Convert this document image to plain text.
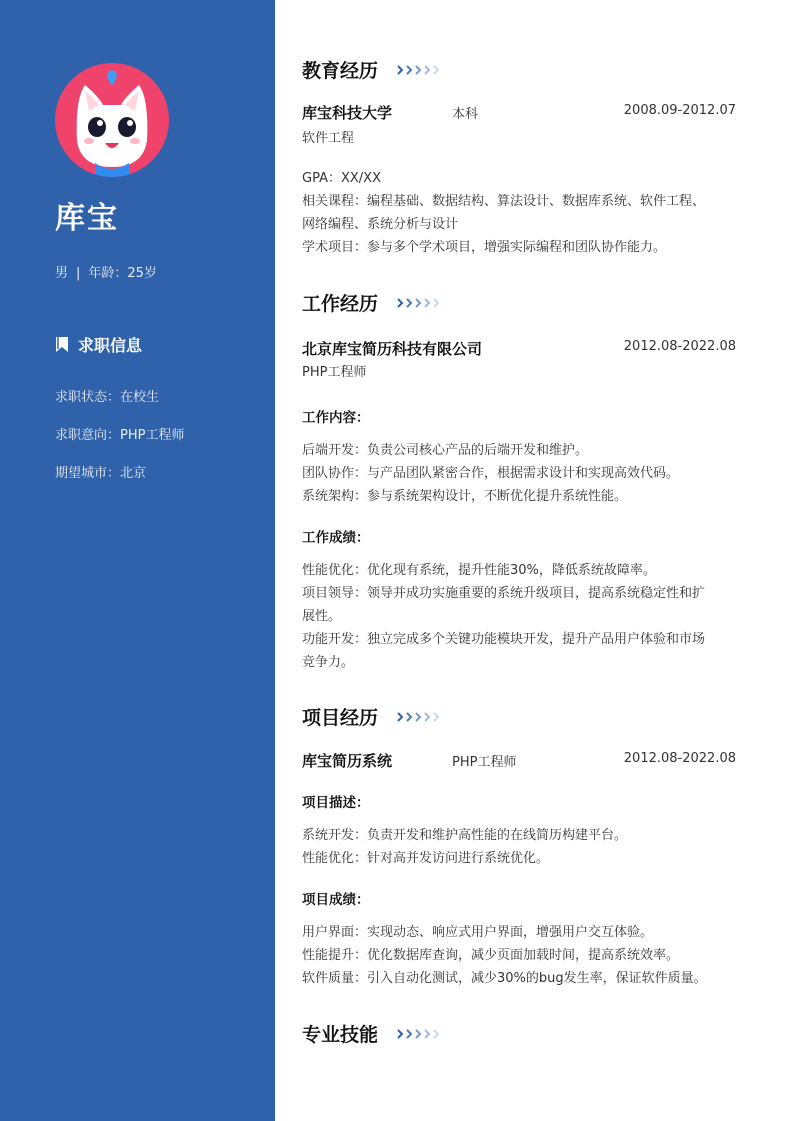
库宝
男 | 年龄：25岁
求职信息
求职状态：在校生
求职意向：PHP工程师
期望城市：北京
教育经历
库宝科技大学	本科	2008.09-2012.07
软件工程
GPA：XX/XX
相关课程：编程基础、数据结构、算法设计、数据库系统、软件工程、
网络编程、系统分析与设计
学术项目：参与多个学术项目，增强实际编程和团队协作能力。
工作经历
北京库宝简历科技有限公司	2012.08-2022.08
PHP工程师
工作内容：
后端开发：负责公司核心产品的后端开发和维护。
团队协作：与产品团队紧密合作，根据需求设计和实现高效代码。
系统架构：参与系统架构设计，不断优化提升系统性能。
工作成绩：
性能优化：优化现有系统，提升性能30%，降低系统故障率。
项目领导：领导并成功实施重要的系统升级项目，提高系统稳定性和扩
展性。
功能开发：独立完成多个关键功能模块开发，提升产品用户体验和市场
竞争力。
项目经历
库宝简历系统	PHP工程师	2012.08-2022.08
项目描述：
系统开发：负责开发和维护高性能的在线简历构建平台。
性能优化：针对高并发访问进行系统优化。
项目成绩：
用户界面：实现动态、响应式用户界面，增强用户交互体验。
性能提升：优化数据库查询，减少页面加载时间，提高系统效率。
软件质量：引入自动化测试，减少30%的bug发生率，保证软件质量。
专业技能
